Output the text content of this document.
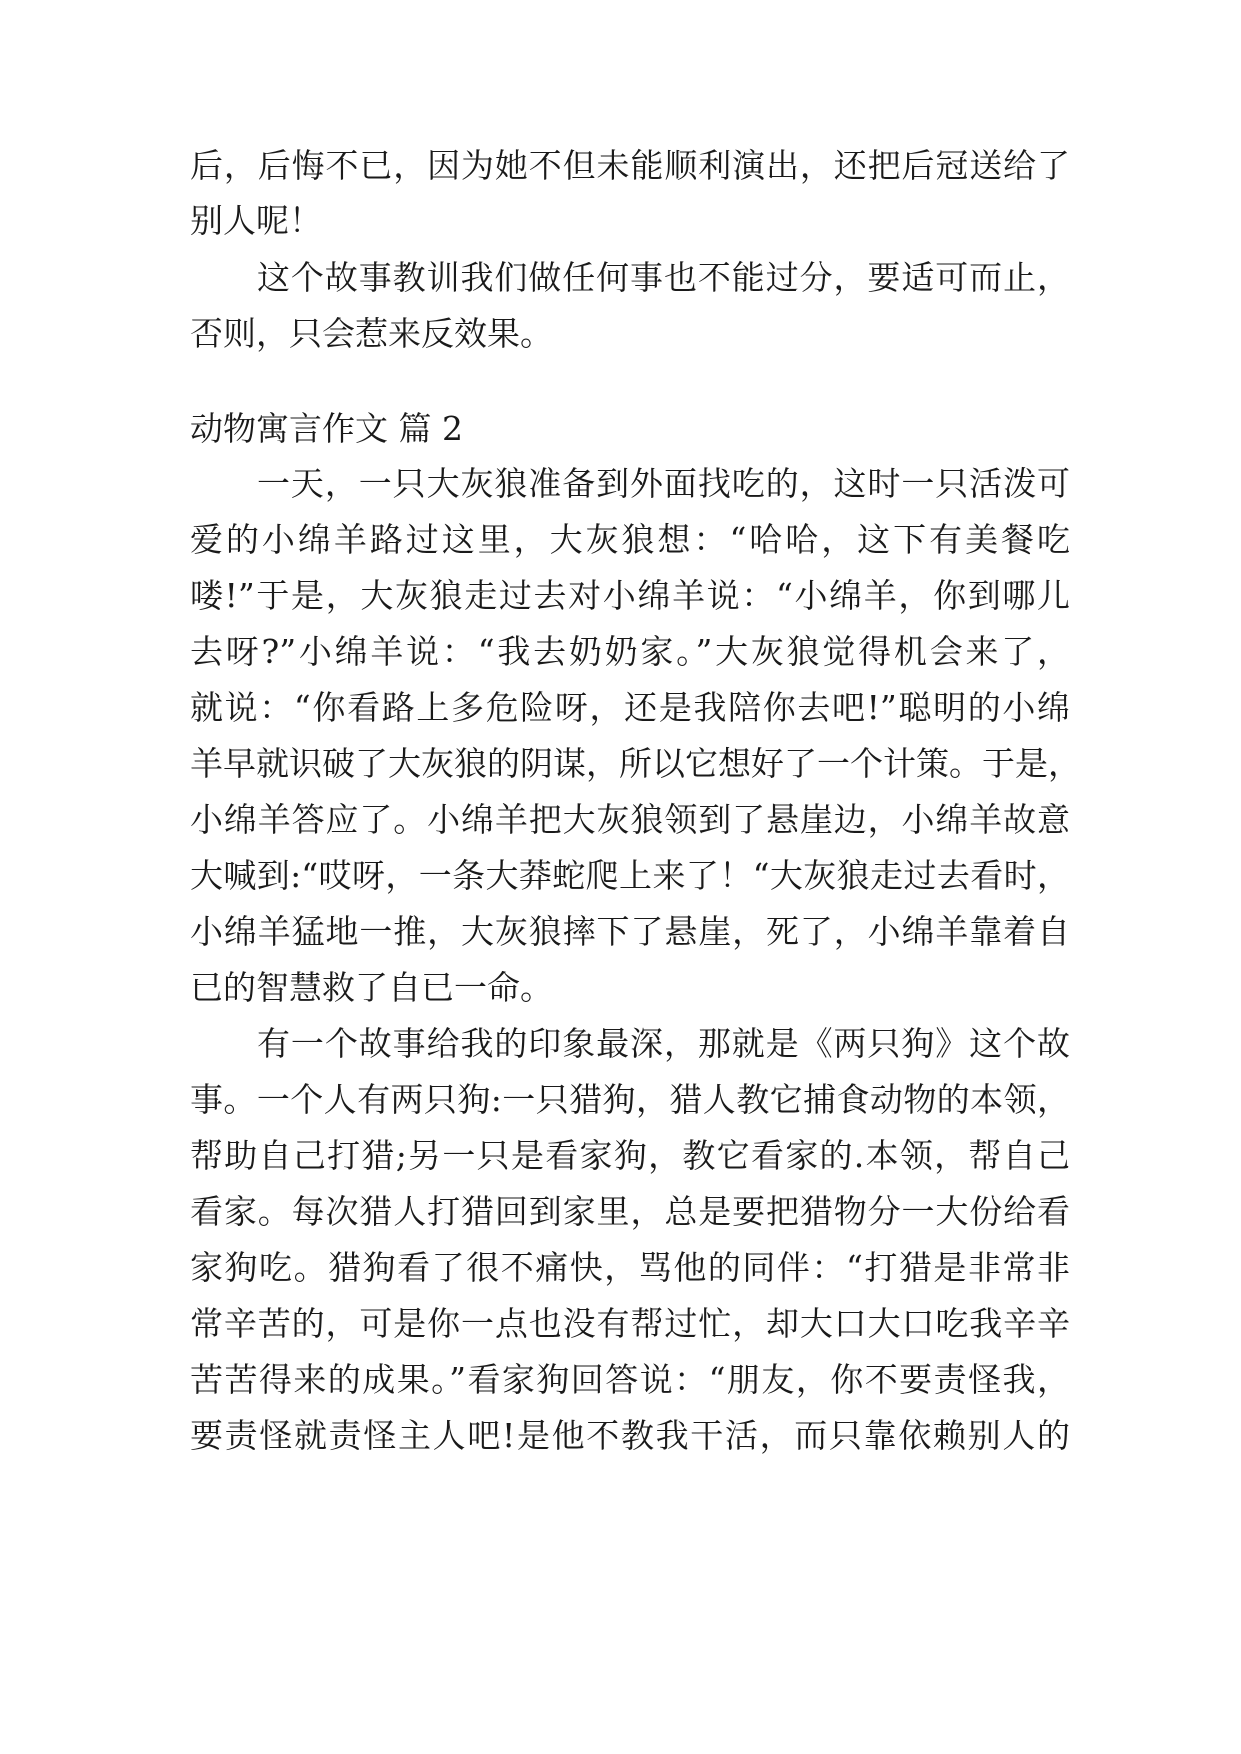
后，后悔不已，因为她不但未能顺利演出，还把后冠送给了
别人呢！
这个故事教训我们做任何事也不能过分，要适可而止，
否则，只会惹来反效果。
动物寓言作文 篇 2
一天，一只大灰狼准备到外面找吃的，这时一只活泼可
爱的小绵羊路过这里，大灰狼想：“哈哈，这下有美餐吃
喽!”于是，大灰狼走过去对小绵羊说：“小绵羊，你到哪儿
去呀?”小绵羊说：“我去奶奶家。”大灰狼觉得机会来了，
就说：“你看路上多危险呀，还是我陪你去吧!”聪明的小绵
羊早就识破了大灰狼的阴谋，所以它想好了一个计策。于是，
小绵羊答应了。小绵羊把大灰狼领到了悬崖边，小绵羊故意
大喊到:“哎呀，一条大莽蛇爬上来了！“大灰狼走过去看时，
小绵羊猛地一推，大灰狼摔下了悬崖，死了，小绵羊靠着自
已的智慧救了自已一命。
有一个故事给我的印象最深，那就是《两只狗》这个故
事。一个人有两只狗:一只猎狗，猎人教它捕食动物的本领，
帮助自己打猎;另一只是看家狗，教它看家的.本领，帮自己
看家。每次猎人打猎回到家里，总是要把猎物分一大份给看
家狗吃。猎狗看了很不痛快，骂他的同伴：“打猎是非常非
常辛苦的，可是你一点也没有帮过忙，却大口大口吃我辛辛
苦苦得来的成果。”看家狗回答说：“朋友，你不要责怪我，
要责怪就责怪主人吧!是他不教我干活，而只靠依赖别人的
